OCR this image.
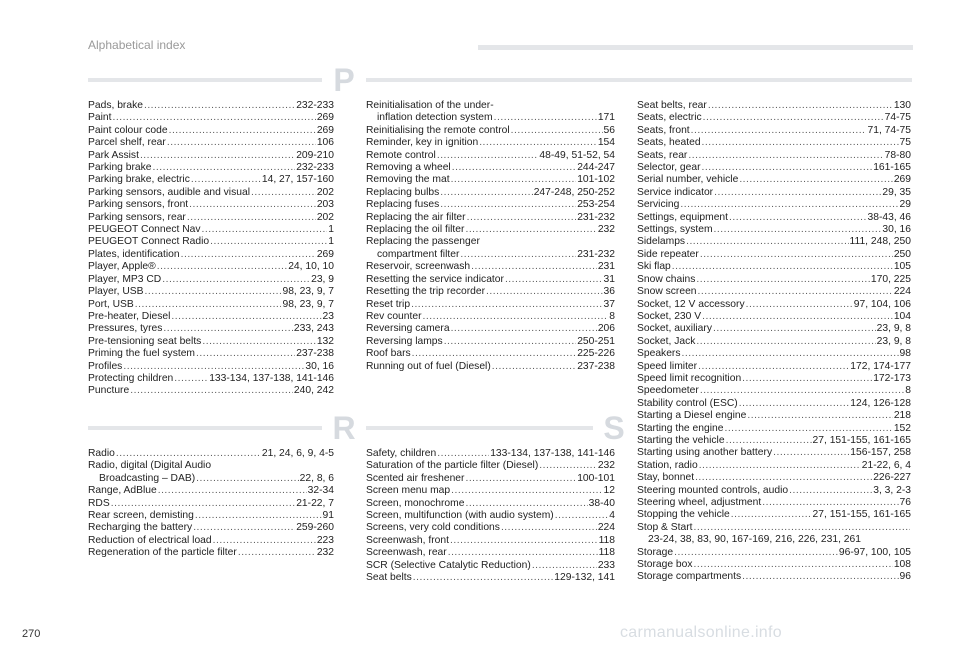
Alphabetical index
P
R	S
Pads, brake .....	232-233
Paint .....	269
Paint colour code .....	269
Parcel shelf, rear .....	106
Park Assist .....	209-210
Parking brake .....	232-233
Parking brake, electric .....	14, 27, 157-160
Parking sensors, audible and visual .....	202
Parking sensors, front .....	203
Parking sensors, rear .....	202
PEUGEOT Connect Nav .....	1
PEUGEOT Connect Radio .....	1
Plates, identification .....	269
Player, Apple® .....	24, 10, 10
Player, MP3 CD .....	23, 9
Player, USB .....	98, 23, 9, 7
Port, USB .....	98, 23, 9, 7
Pre-heater, Diesel .....	23
Pressures, tyres .....	233, 243
Pre-tensioning seat belts .....	132
Priming the fuel system .....	237-238
Profiles .....	30, 16
Protecting children .....	133-134, 137-138, 141-146
Puncture .....	240, 242
Reinitialisation of the under-
inflation detection system .....	171
Reinitialising the remote control .....	56
Reminder, key in ignition .....	154
Remote control .....	48-49, 51-52, 54
Removing a wheel .....	244-247
Removing the mat .....	101-102
Replacing bulbs .....	247-248, 250-252
Replacing fuses .....	253-254
Replacing the air filter .....	231-232
Replacing the oil filter .....	232
Replacing the passenger
compartment filter .....	231-232
Reservoir, screenwash .....	231
Resetting the service indicator .....	31
Resetting the trip recorder .....	36
Reset trip .....	37
Rev counter .....	8
Reversing camera .....	206
Reversing lamps .....	250-251
Roof bars .....	225-226
Running out of fuel (Diesel) .....	237-238
Radio .....	21, 24, 6, 9, 4-5
Radio, digital (Digital Audio
Broadcasting – DAB) .....	22, 8, 6
Range, AdBlue .....	32-34
RDS .....	21-22, 7
Rear screen, demisting .....	91
Recharging the battery .....	259-260
Reduction of electrical load .....	223
Regeneration of the particle filter .....	232
Safety, children .....	133-134, 137-138, 141-146
Saturation of the particle filter (Diesel) .....	232
Scented air freshener .....	100-101
Screen menu map .....	12
Screen, monochrome .....	38-40
Screen, multifunction (with audio system) .....	4
Screens, very cold conditions .....	224
Screenwash, front .....	118
Screenwash, rear .....	118
SCR (Selective Catalytic Reduction) .....	233
Seat belts .....	129-132, 141
Seat belts, rear .....	130
Seats, electric .....	74-75
Seats, front .....	71, 74-75
Seats, heated .....	75
Seats, rear .....	78-80
Selector, gear .....	161-165
Serial number, vehicle .....	269
Service indicator .....	29, 35
Servicing .....	29
Settings, equipment .....	38-43, 46
Settings, system .....	30, 16
Sidelamps .....	111, 248, 250
Side repeater .....	250
Ski flap .....	105
Snow chains .....	170, 225
Snow screen .....	224
Socket, 12 V accessory .....	97, 104, 106
Socket, 230 V .....	104
Socket, auxiliary .....	23, 9, 8
Socket, Jack .....	23, 9, 8
Speakers .....	98
Speed limiter .....	172, 174-177
Speed limit recognition .....	172-173
Speedometer .....	8
Stability control (ESC) .....	124, 126-128
Starting a Diesel engine .....	218
Starting the engine .....	152
Starting the vehicle .....	27, 151-155, 161-165
Starting using another battery .....	156-157, 258
Station, radio .....	21-22, 6, 4
Stay, bonnet .....	226-227
Steering mounted controls, audio .....	3, 3, 2-3
Steering wheel, adjustment .....	76
Stopping the vehicle .....	27, 151-155, 161-165
Stop & Start
.....
23-24, 38, 83, 90, 167-169, 216, 226, 231, 261
Storage .....	96-97, 100, 105
Storage box .....	108
Storage compartments .....	96
270	carmanualsonline.info
